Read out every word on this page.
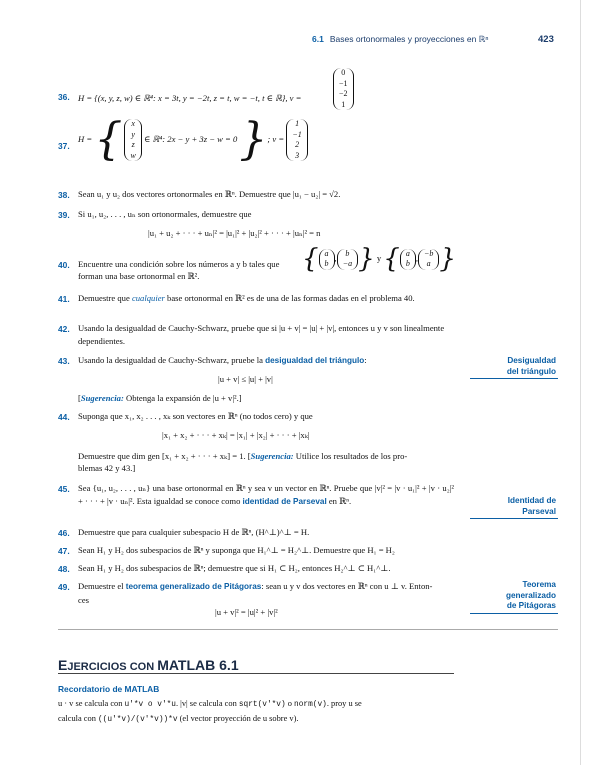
6.1 Bases ortonormales y proyecciones en ℝⁿ	423
36. H = {(x, y, z, w) ∈ ℝ⁴: x = 3t, y = −2t, z = t, w = −t, t ∈ ℝ}, v =
0
−1
−2
1
37.
H = { x
y
z
w ∈ ℝ⁴: 2x − y + 3z − w = 0 }; v = 1
−1
2
3
38. Sean u₁ y u₂ dos vectores ortonormales en ℝⁿ. Demuestre que |u₁ − u₂| = √2.
39. Si u₁, u₂, . . . , uₙ son ortonormales, demuestre que
|u₁ + u₂ + · · · + uₙ|² = |u₁|² + |u₂|² + · · · + |uₙ|² = n
40. Encuentre una condición sobre los números a y b tales que
forman una base ortonormal en ℝ².
{ a
b, b
−a } y { a
b, −b
a }
41. Demuestre que cualquier base ortonormal en ℝ² es de una de las formas dadas en el problema 40.
42. Usando la desigualdad de Cauchy-Schwarz, pruebe que si |u + v| = |u| + |v|, entonces u y v son linealmente dependientes.
43. Usando la desigualdad de Cauchy-Schwarz, pruebe la desigualdad del triángulo:
|u + v| ≤ |u| + |v|
[Sugerencia: Obtenga la expansión de |u + v|².]
Desigualdad
del triángulo
44. Suponga que x₁, x₂ . . . , xₖ son vectores en ℝⁿ (no todos cero) y que
|x₁ + x₂ + · · · + xₖ| = |x₁| + |x₂| + · · · + |xₖ|
Demuestre que dim gen [x₁ + x₂ + · · · + xₖ] = 1. [Sugerencia: Utilice los resultados de los pro-
blemas 42 y 43.]
45. Sea {u₁, u₂, . . . , uₙ} una base ortonormal en ℝⁿ y sea v un vector en ℝⁿ. Pruebe que |v|² = |v · u₁|² + |v · u₂|² + · · · + |v · uₙ|². Esta igualdad se conoce como identidad de Parseval en ℝⁿ.	Identidad de
Parseval
46. Demuestre que para cualquier subespacio H de ℝⁿ, (H^⊥)^⊥ = H.
47. Sean H₁ y H₂ dos subespacios de ℝⁿ y suponga que H₁^⊥ = H₂^⊥. Demuestre que H₁ = H₂
48. Sean H₁ y H₂ dos subespacios de ℝⁿ; demuestre que si H₁ ⊂ H₂, entonces H₂^⊥ ⊂ H₁^⊥.
49. Demuestre el teorema generalizado de Pitágoras: sean u y v dos vectores en ℝⁿ con u ⊥ v. Enton-
ces
|u + v|² = |u|² + |v|²
Teorema
generalizado
de Pitágoras
EJERCICIOS CON MATLAB 6.1
Recordatorio de MATLAB
u · v se calcula con u'*v o v'*u. |v| se calcula con sqrt(v'*v) o norm(v). proy u se
calcula con ((u'*v)/(v'*v))*v (el vector proyección de u sobre v).
